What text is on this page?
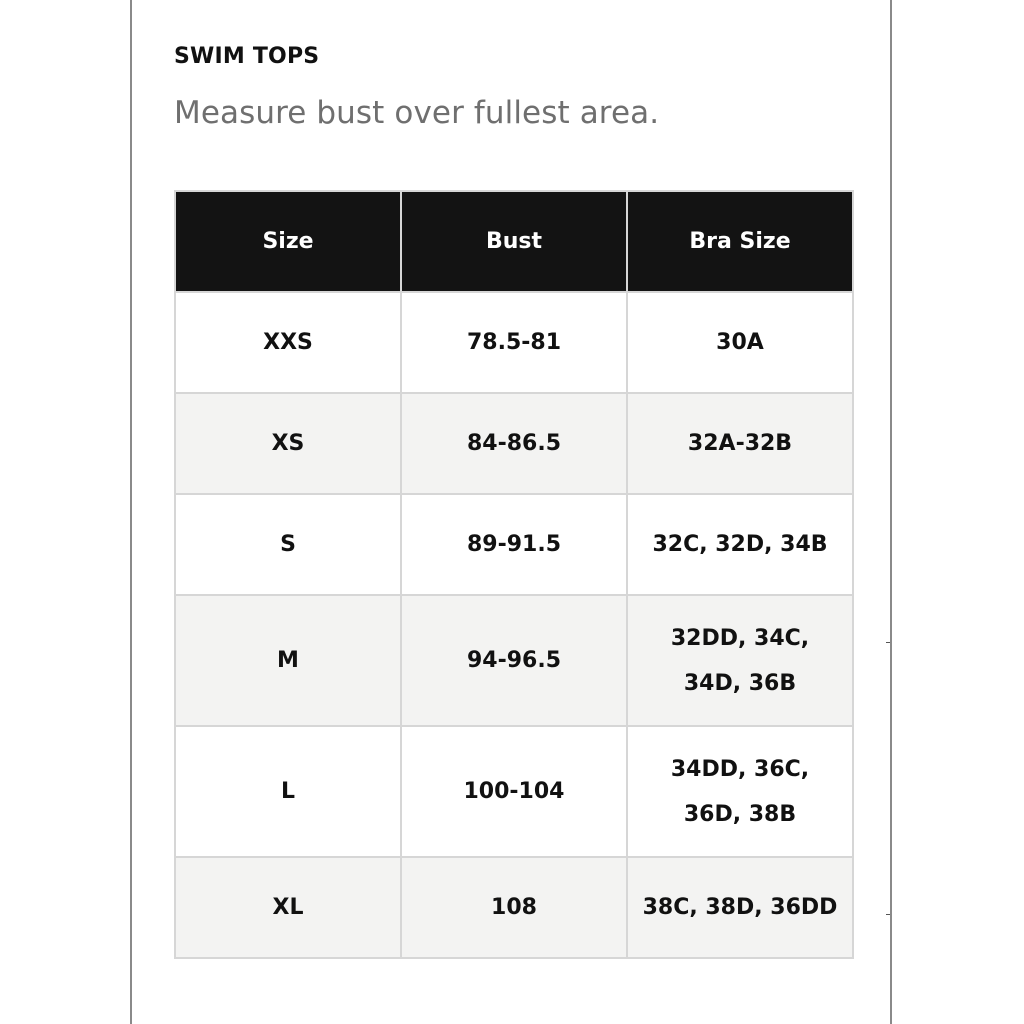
SWIM TOPS
Measure bust over fullest area.
Size	Bust	Bra Size
XXS	78.5-81	30A
XS	84-86.5	32A-32B
S	89-91.5	32C, 32D, 34B
M	94-96.5	32DD, 34C,
34D, 36B
L	100-104	34DD, 36C,
36D, 38B
XL	108	38C, 38D, 36DD
